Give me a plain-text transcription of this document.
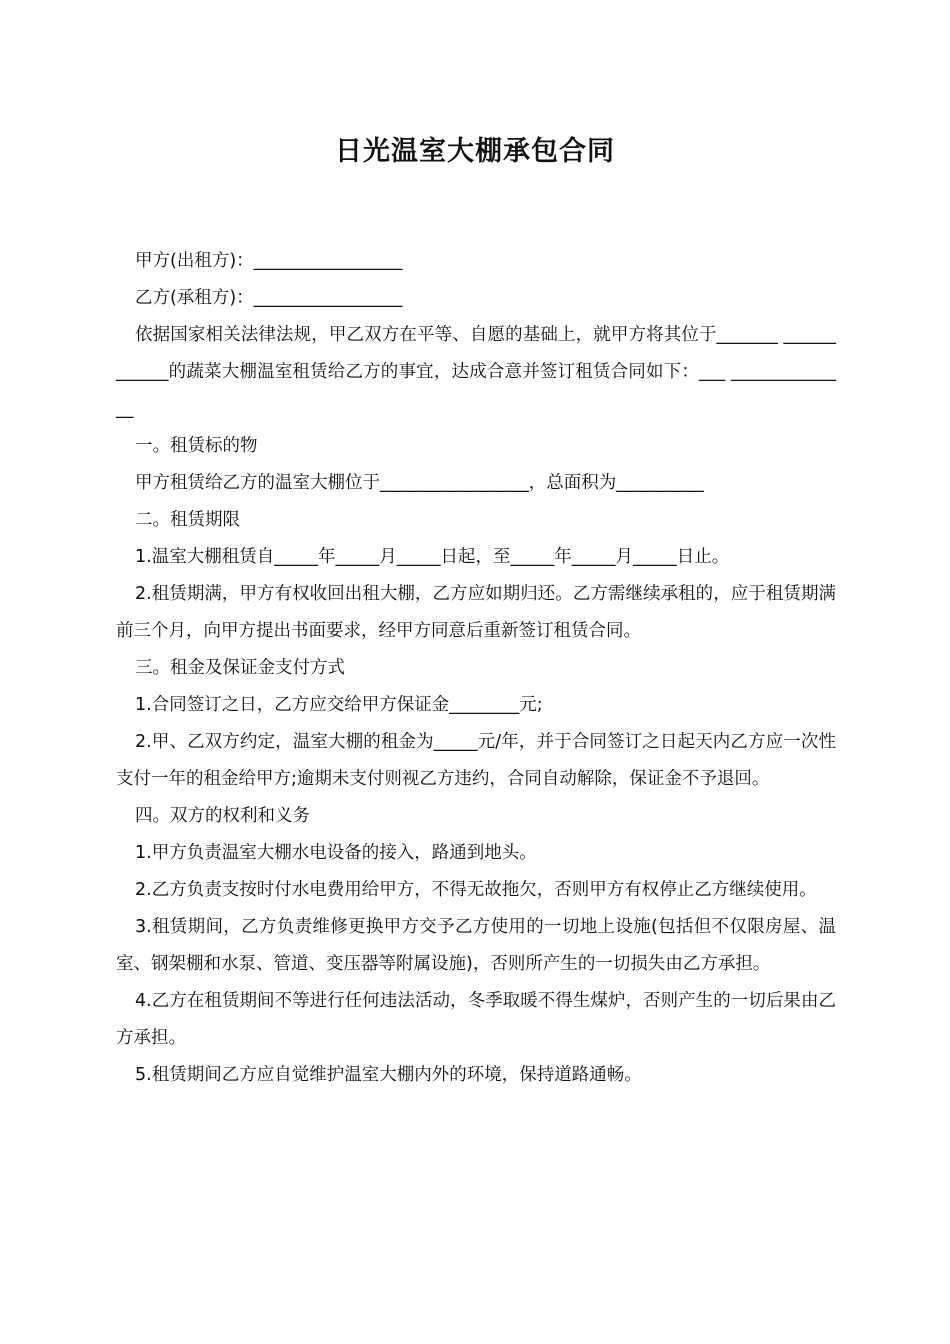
日光温室大棚承包合同

甲方(出租方)：_________________

乙方(承租方)：_________________

依据国家相关法律法规，甲乙双方在平等、自愿的基础上，就甲方将其位于_______ ____________的蔬菜大棚温室租赁给乙方的事宜，达成合意并签订租赁合同如下：___ ______________

一。租赁标的物

甲方租赁给乙方的温室大棚位于_________________，总面积为__________

二。租赁期限

1.温室大棚租赁自_____年_____月_____日起，至_____年_____月_____日止。

2.租赁期满，甲方有权收回出租大棚，乙方应如期归还。乙方需继续承租的，应于租赁期满前三个月，向甲方提出书面要求，经甲方同意后重新签订租赁合同。

三。租金及保证金支付方式

1.合同签订之日，乙方应交给甲方保证金________元;

2.甲、乙双方约定，温室大棚的租金为_____元/年，并于合同签订之日起天内乙方应一次性支付一年的租金给甲方;逾期未支付则视乙方违约，合同自动解除，保证金不予退回。

四。双方的权利和义务

1.甲方负责温室大棚水电设备的接入，路通到地头。

2.乙方负责支按时付水电费用给甲方，不得无故拖欠，否则甲方有权停止乙方继续使用。

3.租赁期间，乙方负责维修更换甲方交予乙方使用的一切地上设施(包括但不仅限房屋、温室、钢架棚和水泵、管道、变压器等附属设施)，否则所产生的一切损失由乙方承担。

4.乙方在租赁期间不等进行任何违法活动，冬季取暖不得生煤炉，否则产生的一切后果由乙方承担。

5.租赁期间乙方应自觉维护温室大棚内外的环境，保持道路通畅。
